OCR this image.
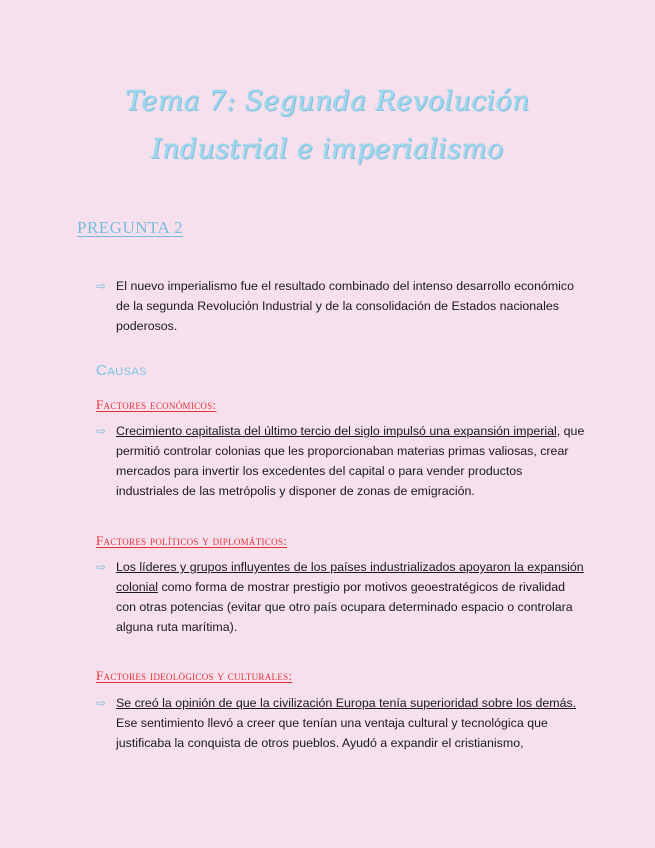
Tema 7: Segunda Revolución Industrial e imperialismo
PREGUNTA 2
⇨ El nuevo imperialismo fue el resultado combinado del intenso desarrollo económico de la segunda Revolución Industrial y de la consolidación de Estados nacionales poderosos.
Causas
Factores económicos:
⇨ Crecimiento capitalista del último tercio del siglo impulsó una expansión imperial, que permitió controlar colonias que les proporcionaban materias primas valiosas, crear mercados para invertir los excedentes del capital o para vender productos industriales de las metrópolis y disponer de zonas de emigración.
Factores políticos y diplomáticos:
⇨ Los líderes y grupos influyentes de los países industrializados apoyaron la expansión colonial como forma de mostrar prestigio por motivos geoestratégicos de rivalidad con otras potencias (evitar que otro país ocupara determinado espacio o controlara alguna ruta marítima).
Factores ideológicos y culturales:
⇨ Se creó la opinión de que la civilización Europa tenía superioridad sobre los demás. Ese sentimiento llevó a creer que tenían una ventaja cultural y tecnológica que justificaba la conquista de otros pueblos. Ayudó a expandir el cristianismo,
